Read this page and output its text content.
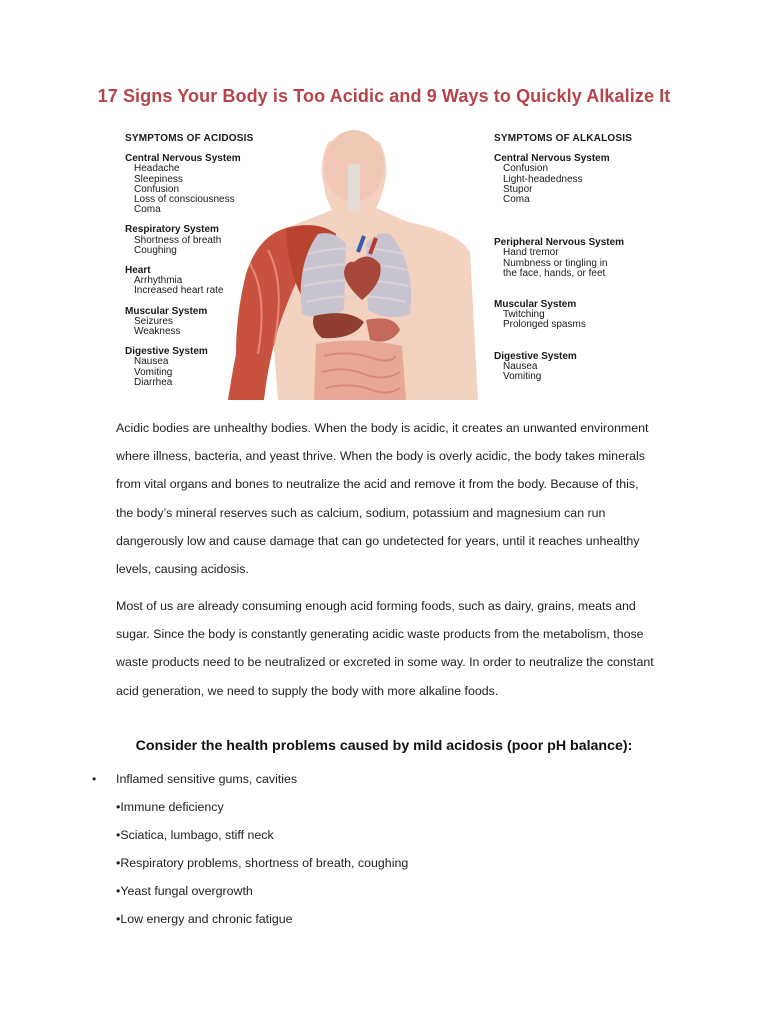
17 Signs Your Body is Too Acidic and 9 Ways to Quickly Alkalize It
SYMPTOMS OF ACIDOSIS
Central Nervous System
Headache
Sleepiness
Confusion
Loss of consciousness
Coma
Respiratory System
Shortness of breath
Coughing
Heart
Arrhythmia
Increased heart rate
Muscular System
Seizures
Weakness
Digestive System
Nausea
Vomiting
Diarrhea
SYMPTOMS OF ALKALOSIS
Central Nervous System
Confusion
Light-headedness
Stupor
Coma
Peripheral Nervous System
Hand tremor
Numbness or tingling in
the face, hands, or feet
Muscular System
Twitching
Prolonged spasms
Digestive System
Nausea
Vomiting
Acidic bodies are unhealthy bodies. When the body is acidic, it creates an unwanted environment where illness, bacteria, and yeast thrive. When the body is overly acidic, the body takes minerals from vital organs and bones to neutralize the acid and remove it from the body. Because of this, the body’s mineral reserves such as calcium, sodium, potassium and magnesium can run dangerously low and cause damage that can go undetected for years, until it reaches unhealthy levels, causing acidosis.
Most of us are already consuming enough acid forming foods, such as dairy, grains, meats and sugar. Since the body is constantly generating acidic waste products from the metabolism, those waste products need to be neutralized or excreted in some way. In order to neutralize the constant acid generation, we need to supply the body with more alkaline foods.
Consider the health problems caused by mild acidosis (poor pH balance):
• Inflamed sensitive gums, cavities
•Immune deficiency
•Sciatica, lumbago, stiff neck
•Respiratory problems, shortness of breath, coughing
•Yeast fungal overgrowth
•Low energy and chronic fatigue
